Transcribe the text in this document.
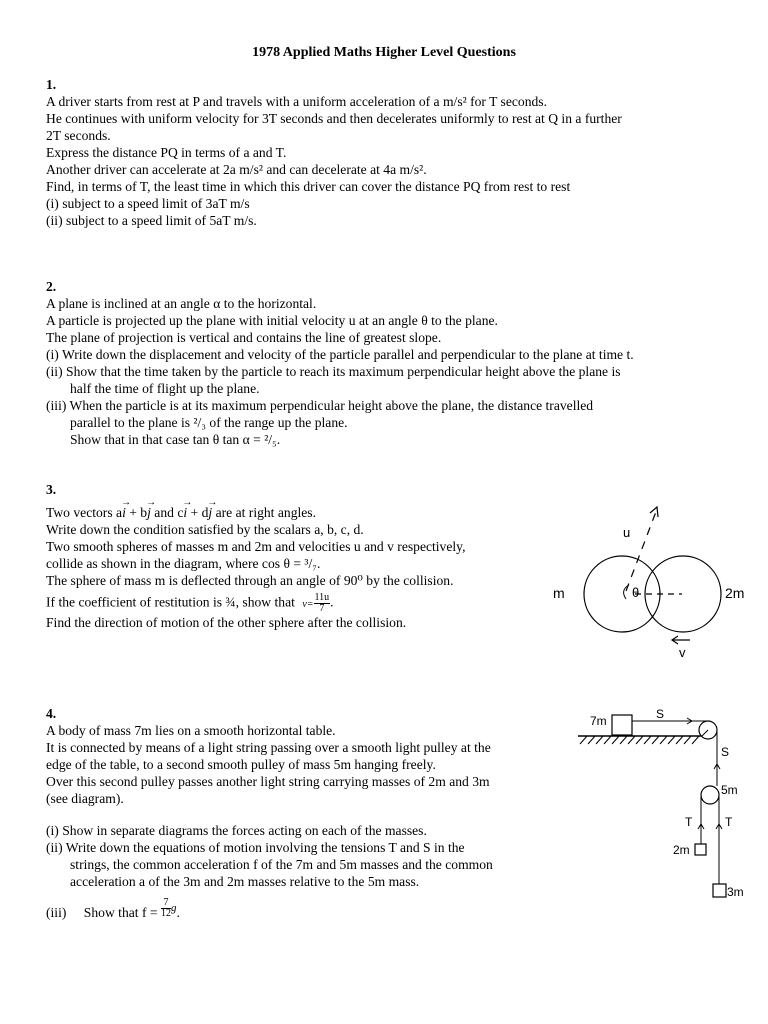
1978 Applied Maths Higher Level Questions
1.
A driver starts from rest at P and travels with a uniform acceleration of a m/s² for T seconds.
He continues with uniform velocity for 3T seconds and then decelerates uniformly to rest at Q in a further
2T seconds.
Express the distance PQ in terms of a and T.
Another driver can accelerate at 2a m/s² and can decelerate at 4a m/s².
Find, in terms of T, the least time in which this driver can cover the distance PQ from rest to rest
(i) subject to a speed limit of 3aT m/s
(ii) subject to a speed limit of 5aT m/s.
2.
A plane is inclined at an angle α to the horizontal.
A particle is projected up the plane with initial velocity u at an angle θ to the plane.
The plane of projection is vertical and contains the line of greatest slope.
(i) Write down the displacement and velocity of the particle parallel and perpendicular to the plane at time t.
(ii) Show that the time taken by the particle to reach its maximum perpendicular height above the plane is
half the time of flight up the plane.
(iii) When the particle is at its maximum perpendicular height above the plane, the distance travelled
parallel to the plane is ²/₃ of the range up the plane.
Show that in that case tan θ tan α = ²/₅.
3.
Two vectors a
→
i + b
→
j and c
→
i + d
→
j are at right angles.
Write down the condition satisfied by the scalars a, b, c, d.
Two smooth spheres of masses m and 2m and velocities u and v respectively,
collide as shown in the diagram, where cos θ = ³/₇.
The sphere of mass m is deflected through an angle of 90⁰ by the collision.
If the coefficient of restitution is ¾, show that $v= \frac{11u}{7}$ .
Find the direction of motion of the other sphere after the collision.
θ
m	2m
u
v
4.
A body of mass 7m lies on a smooth horizontal table.
It is connected by means of a light string passing over a smooth light pulley at the
edge of the table, to a second smooth pulley of mass 5m hanging freely.
Over this second pulley passes another light string carrying masses of 2m and 3m
(see diagram).
(i) Show in separate diagrams the forces acting on each of the masses.
(ii) Write down the equations of motion involving the tensions T and S in the
strings, the common acceleration f of the 7m and 5m masses and the common
acceleration a of the 3m and 2m masses relative to the 5m mass.
(iii) Show that $f = \frac{7}{12} ^g$.
7m	S
S
5m
T	T
2m
3m
